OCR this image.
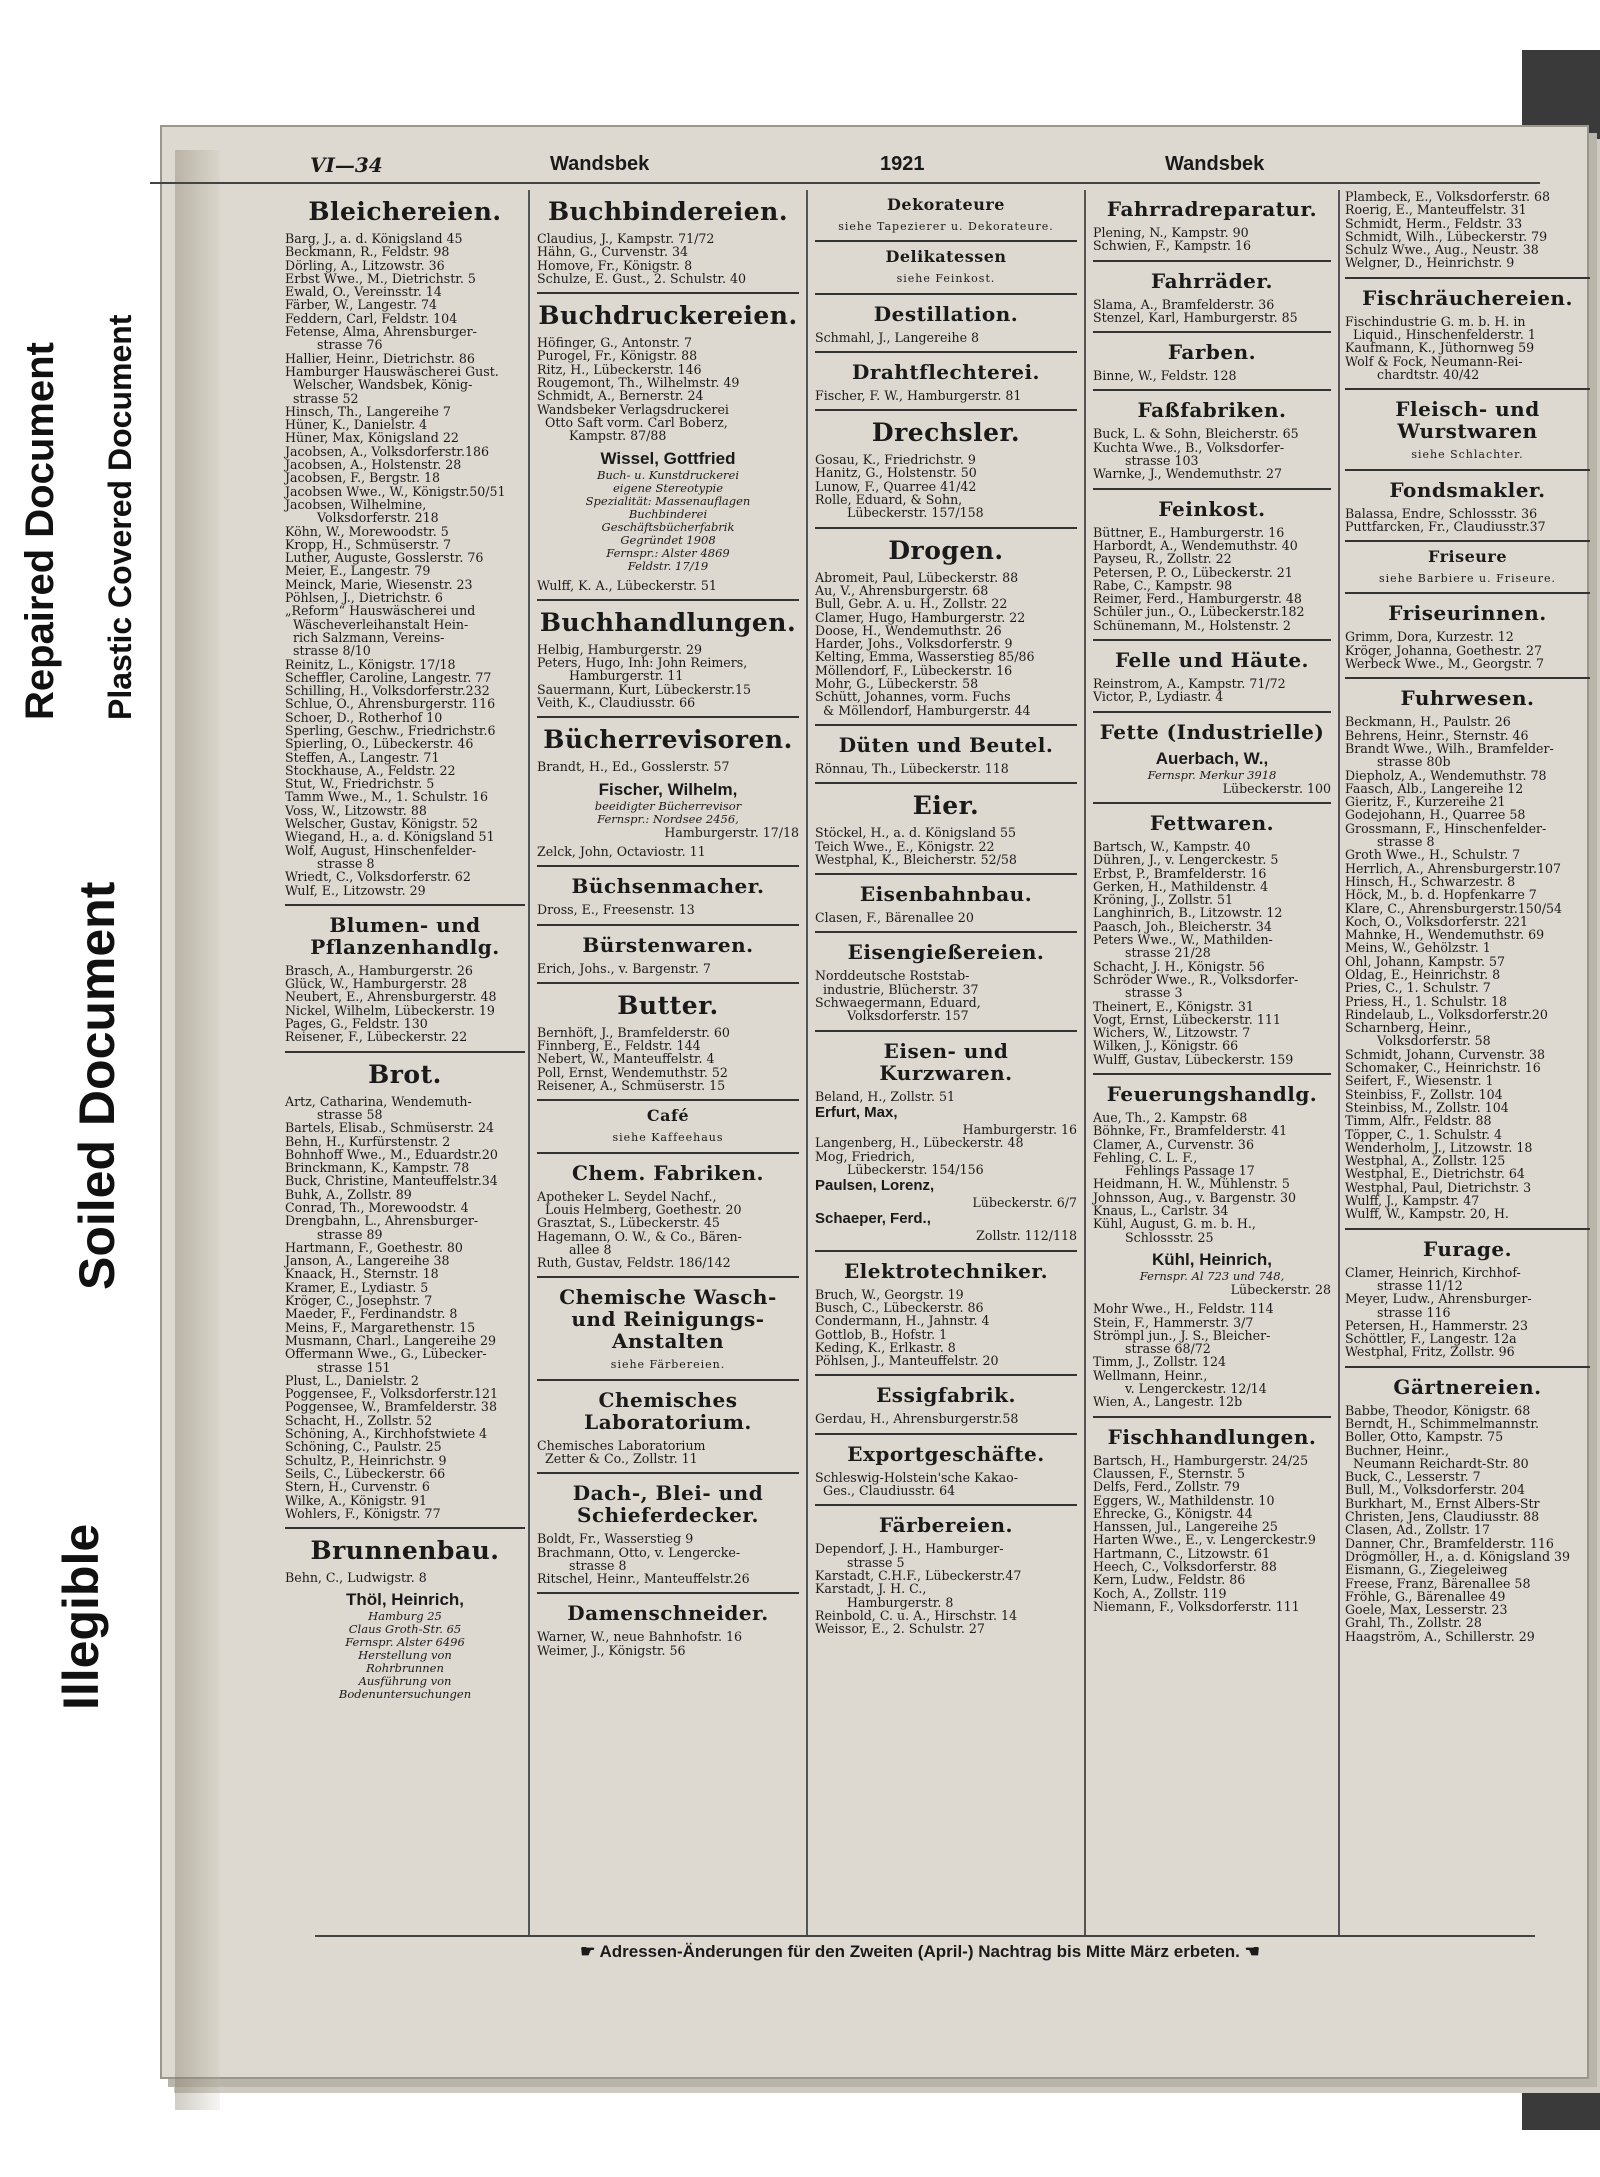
Repaired Document Plastic Covered Document
Soiled Document
Illegible
VI—34	Wandsbek	1921	Wandsbek
Bleichereien.
Barg, J., a. d. Königsland 45
Beckmann, R., Feldstr. 98
Dörling, A., Litzowstr. 36
Erbst Wwe., M., Dietrichstr. 5
Ewald, O., Vereinsstr. 14
Färber, W., Langestr. 74
Feddern, Carl, Feldstr. 104
Fetense, Alma, Ahrensburger-
strasse 76
Hallier, Heinr., Dietrichstr. 86
Hamburger Hauswäscherei Gust.
Welscher, Wandsbek, König-
strasse 52
Hinsch, Th., Langereihe 7
Hüner, K., Danielstr. 4
Hüner, Max, Königsland 22
Jacobsen, A., Volksdorferstr.186
Jacobsen, A., Holstenstr. 28
Jacobsen, F., Bergstr. 18
Jacobsen Wwe., W., Königstr.50/51
Jacobsen, Wilhelmine,
Volksdorferstr. 218
Köhn, W., Morewoodstr. 5
Kropp, H., Schmüserstr. 7
Luther, Auguste, Gosslerstr. 76
Meier, E., Langestr. 79
Meinck, Marie, Wiesenstr. 23
Pöhlsen, J., Dietrichstr. 6
„Reform“ Hauswäscherei und
Wäscheverleihanstalt Hein-
rich Salzmann, Vereins-
strasse 8/10
Reinitz, L., Königstr. 17/18
Scheffler, Caroline, Langestr. 77
Schilling, H., Volksdorferstr.232
Schlue, O., Ahrensburgerstr. 116
Schoer, D., Rotherhof 10
Sperling, Geschw., Friedrichstr.6
Spierling, O., Lübeckerstr. 46
Steffen, A., Langestr. 71
Stockhause, A., Feldstr. 22
Stut, W., Friedrichstr. 5
Tamm Wwe., M., 1. Schulstr. 16
Voss, W., Litzowstr. 88
Welscher, Gustav, Königstr. 52
Wiegand, H., a. d. Königsland 51
Wolf, August, Hinschenfelder-
strasse 8
Wriedt, C., Volksdorferstr. 62
Wulf, E., Litzowstr. 29
Blumen- und Pflanzenhandlg.
Brasch, A., Hamburgerstr. 26
Glück, W., Hamburgerstr. 28
Neubert, E., Ahrensburgerstr. 48
Nickel, Wilhelm, Lübeckerstr. 19
Pages, G., Feldstr. 130
Reisener, F., Lübeckerstr. 22
Brot.
Artz, Catharina, Wendemuth-
strasse 58
Bartels, Elisab., Schmüserstr. 24
Behn, H., Kurfürstenstr. 2
Bohnhoff Wwe., M., Eduardstr.20
Brinckmann, K., Kampstr. 78
Buck, Christine, Manteuffelstr.34
Buhk, A., Zollstr. 89
Conrad, Th., Morewoodstr. 4
Drengbahn, L., Ahrensburger-
strasse 89
Hartmann, F., Goethestr. 80
Janson, A., Langereihe 38
Knaack, H., Sternstr. 18
Kramer, E., Lydiastr. 5
Kröger, C., Josephstr. 7
Maeder, F., Ferdinandstr. 8
Meins, F., Margarethenstr. 15
Musmann, Charl., Langereihe 29
Offermann Wwe., G., Lübecker-
strasse 151
Plust, L., Danielstr. 2
Poggensee, F., Volksdorferstr.121
Poggensee, W., Bramfelderstr. 38
Schacht, H., Zollstr. 52
Schöning, A., Kirchhofstwiete 4
Schöning, C., Paulstr. 25
Schultz, P., Heinrichstr. 9
Seils, C., Lübeckerstr. 66
Stern, H., Curvenstr. 6
Wilke, A., Königstr. 91
Wohlers, F., Königstr. 77
Brunnenbau.
Behn, C., Ludwigstr. 8
Thöl, Heinrich,
Hamburg 25
Claus Groth-Str. 65
Fernspr. Alster 6496
Herstellung von
Rohrbrunnen
Ausführung von
Bodenuntersuchungen
Buchbindereien.
Claudius, J., Kampstr. 71/72
Hähn, G., Curvenstr. 34
Homove, Fr., Königstr. 8
Schulze, E. Gust., 2. Schulstr. 40
Buchdruckereien.
Höfinger, G., Antonstr. 7
Purogel, Fr., Königstr. 88
Ritz, H., Lübeckerstr. 146
Rougemont, Th., Wilhelmstr. 49
Schmidt, A., Bernerstr. 24
Wandsbeker Verlagsdruckerei
Otto Saft vorm. Carl Boberz,
Kampstr. 87/88
Wissel, Gottfried
Buch- u. Kunstdruckerei
eigene Stereotypie
Spezialität: Massenauflagen
Buchbinderei
Geschäftsbücherfabrik
Gegründet 1908
Fernspr.: Alster 4869
Feldstr. 17/19
Wulff, K. A., Lübeckerstr. 51
Buchhandlungen.
Helbig, Hamburgerstr. 29
Peters, Hugo, Inh: John Reimers,
Hamburgerstr. 11
Sauermann, Kurt, Lübeckerstr.15
Veith, K., Claudiusstr. 66
Bücherrevisoren.
Brandt, H., Ed., Gosslerstr. 57
Fischer, Wilhelm,
beeidigter Bücherrevisor
Fernspr.: Nordsee 2456,
Hamburgerstr. 17/18
Zelck, John, Octaviostr. 11
Büchsenmacher.
Dross, E., Freesenstr. 13
Bürstenwaren.
Erich, Johs., v. Bargenstr. 7
Butter.
Bernhöft, J., Bramfelderstr. 60
Finnberg, E., Feldstr. 144
Nebert, W., Manteuffelstr. 4
Poll, Ernst, Wendemuthstr. 52
Reisener, A., Schmüserstr. 15
Café
siehe Kaffeehaus
Chem. Fabriken.
Apotheker L. Seydel Nachf.,
Louis Helmberg, Goethestr. 20
Grasztat, S., Lübeckerstr. 45
Hagemann, O. W., & Co., Bären-
allee 8
Ruth, Gustav, Feldstr. 186/142
Chemische Wasch- und Reinigungs-Anstalten
siehe Färbereien.
Chemisches Laboratorium.
Chemisches Laboratorium
Zetter & Co., Zollstr. 11
Dach-, Blei- und Schieferdecker.
Boldt, Fr., Wasserstieg 9
Brachmann, Otto, v. Lengercke-
strasse 8
Ritschel, Heinr., Manteuffelstr.26
Damenschneider.
Warner, W., neue Bahnhofstr. 16
Weimer, J., Königstr. 56
Dekorateure
siehe Tapezierer u. Dekorateure.
Delikatessen
siehe Feinkost.
Destillation.
Schmahl, J., Langereihe 8
Drahtflechterei.
Fischer, F. W., Hamburgerstr. 81
Drechsler.
Gosau, K., Friedrichstr. 9
Hanitz, G., Holstenstr. 50
Lunow, F., Quarree 41/42
Rolle, Eduard, & Sohn,
Lübeckerstr. 157/158
Drogen.
Abromeit, Paul, Lübeckerstr. 88
Au, V., Ahrensburgerstr. 68
Bull, Gebr. A. u. H., Zollstr. 22
Clamer, Hugo, Hamburgerstr. 22
Doose, H., Wendemuthstr. 26
Harder, Johs., Volksdorferstr. 9
Kelting, Emma, Wasserstieg 85/86
Möllendorf, F., Lübeckerstr. 16
Mohr, G., Lübeckerstr. 58
Schütt, Johannes, vorm. Fuchs
& Möllendorf, Hamburgerstr. 44
Düten und Beutel.
Rönnau, Th., Lübeckerstr. 118
Eier.
Stöckel, H., a. d. Königsland 55
Teich Wwe., E., Königstr. 22
Westphal, K., Bleicherstr. 52/58
Eisenbahnbau.
Clasen, F., Bärenallee 20
Eisengießereien.
Norddeutsche Roststab-
industrie, Blücherstr. 37
Schwaegermann, Eduard,
Volksdorferstr. 157
Eisen- und Kurzwaren.
Beland, H., Zollstr. 51
Erfurt, Max,
Hamburgerstr. 16
Langenberg, H., Lübeckerstr. 48
Mog, Friedrich,
Lübeckerstr. 154/156
Paulsen, Lorenz,
Lübeckerstr. 6/7
Schaeper, Ferd.,
Zollstr. 112/118
Elektrotechniker.
Bruch, W., Georgstr. 19
Busch, C., Lübeckerstr. 86
Condermann, H., Jahnstr. 4
Gottlob, B., Hofstr. 1
Keding, K., Erlkastr. 8
Pöhlsen, J., Manteuffelstr. 20
Essigfabrik.
Gerdau, H., Ahrensburgerstr.58
Exportgeschäfte.
Schleswig-Holstein'sche Kakao-
Ges., Claudiusstr. 64
Färbereien.
Dependorf, J. H., Hamburger-
strasse 5
Karstadt, C.H.F., Lübeckerstr.47
Karstadt, J. H. C.,
Hamburgerstr. 8
Reinbold, C. u. A., Hirschstr. 14
Weissor, E., 2. Schulstr. 27
Fahrradreparatur.
Plening, N., Kampstr. 90
Schwien, F., Kampstr. 16
Fahrräder.
Slama, A., Bramfelderstr. 36
Stenzel, Karl, Hamburgerstr. 85
Farben.
Binne, W., Feldstr. 128
Faßfabriken.
Buck, L. & Sohn, Bleicherstr. 65
Kuchta Wwe., B., Volksdorfer-
strasse 103
Warnke, J., Wendemuthstr. 27
Feinkost.
Büttner, E., Hamburgerstr. 16
Harbordt, A., Wendemuthstr. 40
Payseu, R., Zollstr. 22
Petersen, P. O., Lübeckerstr. 21
Rabe, C., Kampstr. 98
Reimer, Ferd., Hamburgerstr. 48
Schüler jun., O., Lübeckerstr.182
Schünemann, M., Holstenstr. 2
Felle und Häute.
Reinstrom, A., Kampstr. 71/72
Victor, P., Lydiastr. 4
Fette (Industrielle)
Auerbach, W.,
Fernspr. Merkur 3918
Lübeckerstr. 100
Fettwaren.
Bartsch, W., Kampstr. 40
Dühren, J., v. Lengerckestr. 5
Erbst, P., Bramfelderstr. 16
Gerken, H., Mathildenstr. 4
Kröning, J., Zollstr. 51
Langhinrich, B., Litzowstr. 12
Paasch, Joh., Bleicherstr. 34
Peters Wwe., W., Mathilden-
strasse 21/28
Schacht, J. H., Königstr. 56
Schröder Wwe., R., Volksdorfer-
strasse 3
Theinert, E., Königstr. 31
Vogt, Ernst, Lübeckerstr. 111
Wichers, W., Litzowstr. 7
Wilken, J., Königstr. 66
Wulff, Gustav, Lübeckerstr. 159
Feuerungshandlg.
Aue, Th., 2. Kampstr. 68
Böhnke, Fr., Bramfelderstr. 41
Clamer, A., Curvenstr. 36
Fehling, C. L. F.,
Fehlings Passage 17
Heidmann, H. W., Mühlenstr. 5
Johnsson, Aug., v. Bargenstr. 30
Knaus, L., Carlstr. 34
Kühl, August, G. m. b. H.,
Schlossstr. 25
Kühl, Heinrich,
Fernspr. Al 723 und 748,
Lübeckerstr. 28
Mohr Wwe., H., Feldstr. 114
Stein, F., Hammerstr. 3/7
Strömpl jun., J. S., Bleicher-
strasse 68/72
Timm, J., Zollstr. 124
Wellmann, Heinr.,
v. Lengerckestr. 12/14
Wien, A., Langestr. 12b
Fischhandlungen.
Bartsch, H., Hamburgerstr. 24/25
Claussen, F., Sternstr. 5
Delfs, Ferd., Zollstr. 79
Eggers, W., Mathildenstr. 10
Ehrecke, G., Königstr. 44
Hanssen, Jul., Langereihe 25
Harten Wwe., E., v. Lengerckestr.9
Hartmann, C., Litzowstr. 61
Heech, C., Volksdorferstr. 88
Kern, Ludw., Feldstr. 86
Koch, A., Zollstr. 119
Niemann, F., Volksdorferstr. 111
Plambeck, E., Volksdorferstr. 68
Roerig, E., Manteuffelstr. 31
Schmidt, Herm., Feldstr. 33
Schmidt, Wilh., Lübeckerstr. 79
Schulz Wwe., Aug., Neustr. 38
Welgner, D., Heinrichstr. 9
Fischräuchereien.
Fischindustrie G. m. b. H. in
Liquid., Hinschenfelderstr. 1
Kaufmann, K., Jüthornweg 59
Wolf & Fock, Neumann-Rei-
chardtstr. 40/42
Fleisch- und Wurstwaren
siehe Schlachter.
Fondsmakler.
Balassa, Endre, Schlossstr. 36
Puttfarcken, Fr., Claudiusstr.37
Friseure
siehe Barbiere u. Friseure.
Friseurinnen.
Grimm, Dora, Kurzestr. 12
Kröger, Johanna, Goethestr. 27
Werbeck Wwe., M., Georgstr. 7
Fuhrwesen.
Beckmann, H., Paulstr. 26
Behrens, Heinr., Sternstr. 46
Brandt Wwe., Wilh., Bramfelder-
strasse 80b
Diepholz, A., Wendemuthstr. 78
Faasch, Alb., Langereihe 12
Gieritz, F., Kurzereihe 21
Godejohann, H., Quarree 58
Grossmann, F., Hinschenfelder-
strasse 8
Groth Wwe., H., Schulstr. 7
Herrlich, A., Ahrensburgerstr.107
Hinsch, H., Schwarzestr. 8
Höck, M., b. d. Hopfenkarre 7
Klare, C., Ahrensburgerstr.150/54
Koch, O., Volksdorferstr. 221
Mahnke, H., Wendemuthstr. 69
Meins, W., Gehölzstr. 1
Ohl, Johann, Kampstr. 57
Oldag, E., Heinrichstr. 8
Pries, C., 1. Schulstr. 7
Priess, H., 1. Schulstr. 18
Rindelaub, L., Volksdorferstr.20
Scharnberg, Heinr.,
Volksdorferstr. 58
Schmidt, Johann, Curvenstr. 38
Schomaker, C., Heinrichstr. 16
Seifert, F., Wiesenstr. 1
Steinbiss, F., Zollstr. 104
Steinbiss, M., Zollstr. 104
Timm, Alfr., Feldstr. 88
Töpper, C., 1. Schulstr. 4
Wenderholm, J., Litzowstr. 18
Westphal, A., Zollstr. 125
Westphal, E., Dietrichstr. 64
Westphal, Paul, Dietrichstr. 3
Wulff, J., Kampstr. 47
Wulff, W., Kampstr. 20, H.
Furage.
Clamer, Heinrich, Kirchhof-
strasse 11/12
Meyer, Ludw., Ahrensburger-
strasse 116
Petersen, H., Hammerstr. 23
Schöttler, F., Langestr. 12a
Westphal, Fritz, Zollstr. 96
Gärtnereien.
Babbe, Theodor, Königstr. 68
Berndt, H., Schimmelmannstr.
Boller, Otto, Kampstr. 75
Buchner, Heinr.,
Neumann Reichardt-Str. 80
Buck, C., Lesserstr. 7
Bull, M., Volksdorferstr. 204
Burkhart, M., Ernst Albers-Str
Christen, Jens, Claudiusstr. 88
Clasen, Ad., Zollstr. 17
Danner, Chr., Bramfelderstr. 116
Drögmöller, H., a. d. Königsland 39
Eismann, G., Ziegeleiweg
Freese, Franz, Bärenallee 58
Fröhle, G., Bärenallee 49
Goele, Max, Lesserstr. 23
Grahl, Th., Zollstr. 28
Haagström, A., Schillerstr. 29
☛ Adressen-Änderungen für den Zweiten (April-) Nachtrag bis Mitte März erbeten. ☚
